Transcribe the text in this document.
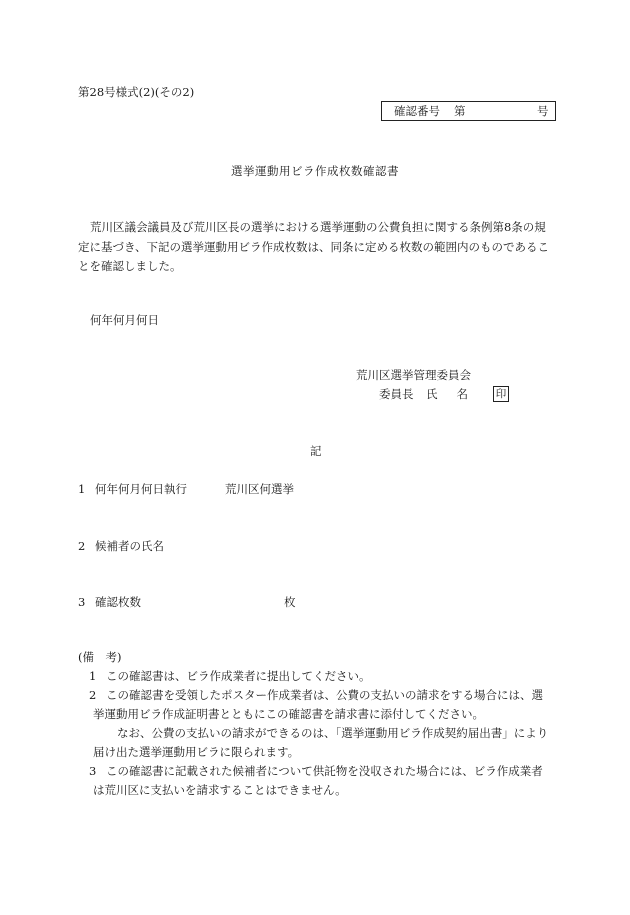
第28号様式(2)(その2)
確認番号 第	号
選挙運動用ビラ作成枚数確認書
荒川区議会議員及び荒川区長の選挙における選挙運動の公費負担に関する条例第8条の規
定に基づき、下記の選挙運動用ビラ作成枚数は、同条に定める枚数の範囲内のものであるこ
とを確認しました。
何年何月何日
荒川区選挙管理委員会
委員長 氏名 印
記
1 何年何月何日執行	荒川区何選挙
2 候補者の氏名
3 確認枚数	枚
(備　考)
1 この確認書は、ビラ作成業者に提出してください。
2 この確認書を受領したポスター作成業者は、公費の支払いの請求をする場合には、選
挙運動用ビラ作成証明書とともにこの確認書を請求書に添付してください。
なお、公費の支払いの請求ができるのは、「選挙運動用ビラ作成契約届出書」により
届け出た選挙運動用ビラに限られます。
3 この確認書に記載された候補者について供託物を没収された場合には、ビラ作成業者
は荒川区に支払いを請求することはできません。
